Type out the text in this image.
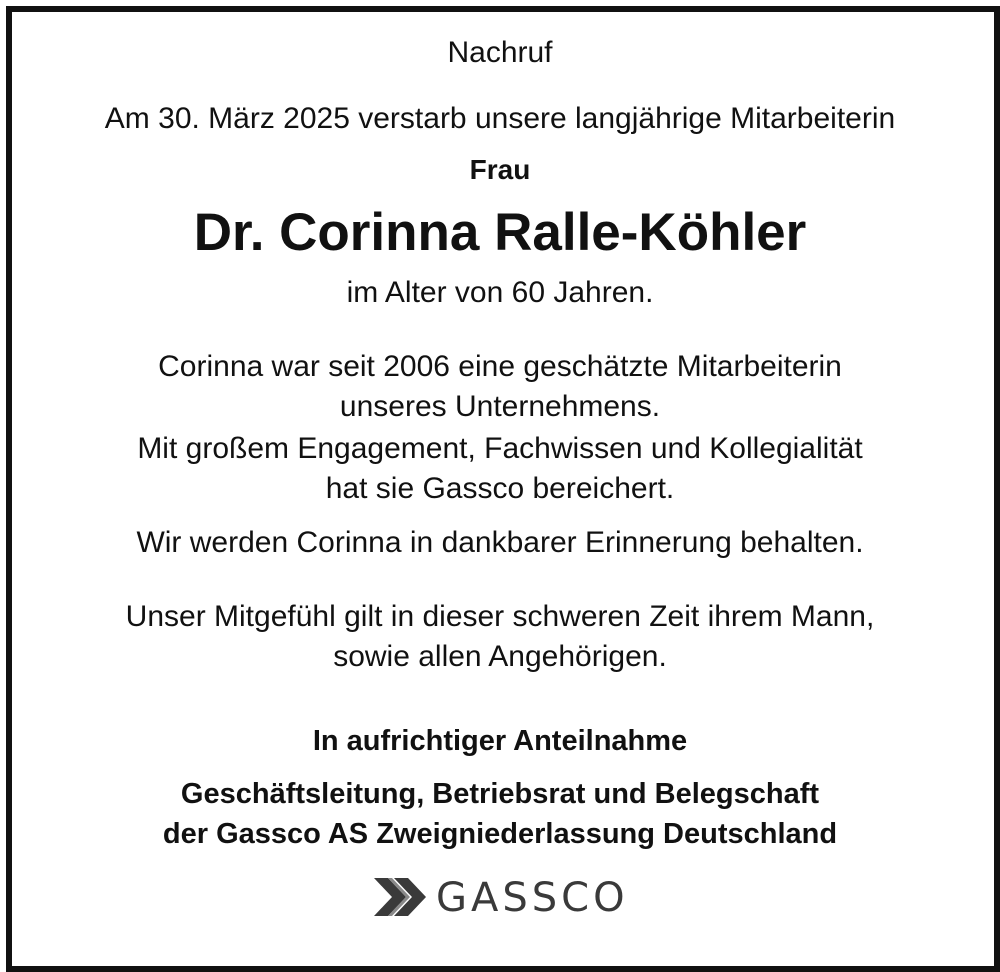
Nachruf
Am 30. März 2025 verstarb unsere langjährige Mitarbeiterin
Frau
Dr. Corinna Ralle-Köhler
im Alter von 60 Jahren.
Corinna war seit 2006 eine geschätzte Mitarbeiterin
unseres Unternehmens.
Mit großem Engagement, Fachwissen und Kollegialität
hat sie Gassco bereichert.
Wir werden Corinna in dankbarer Erinnerung behalten.
Unser Mitgefühl gilt in dieser schweren Zeit ihrem Mann,
sowie allen Angehörigen.
In aufrichtiger Anteilnahme
Geschäftsleitung, Betriebsrat und Belegschaft
der Gassco AS Zweigniederlassung Deutschland
GASSCO
